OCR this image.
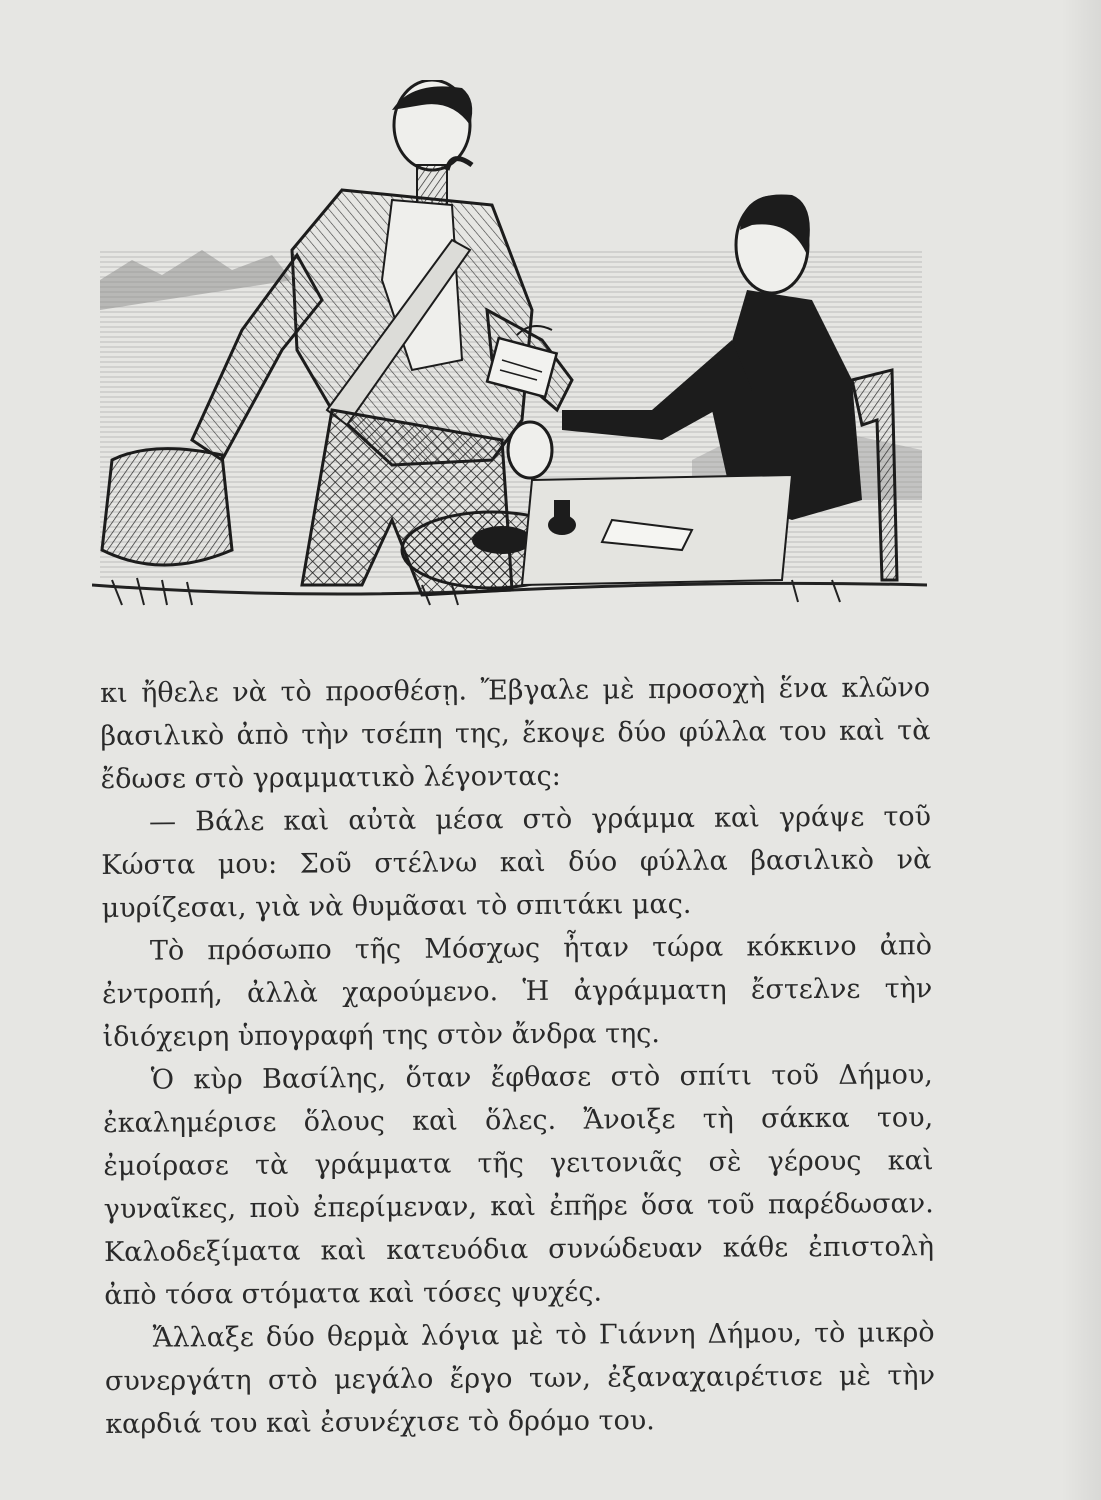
κι ἤθελε νὰ τὸ προσθέσῃ. Ἔβγαλε μὲ προσοχὴ ἕνα κλῶνο βασιλικὸ ἀπὸ τὴν τσέπη της, ἔκοψε δύο φύλλα του καὶ τὰ ἔδωσε στὸ γραμματικὸ λέγοντας:

— Βάλε καὶ αὐτὰ μέσα στὸ γράμμα καὶ γράψε τοῦ Κώστα μου: Σοῦ στέλνω καὶ δύο φύλλα βασιλικὸ νὰ μυρίζεσαι, γιὰ νὰ θυμᾶσαι τὸ σπιτάκι μας.

Τὸ πρόσωπο τῆς Μόσχως ἦταν τώρα κόκκινο ἀπὸ ἐντροπή, ἀλλὰ χαρούμενο. Ἡ ἀγράμματη ἔστελνε τὴν ἰδιόχειρη ὑπογραφή της στὸν ἄνδρα της.

Ὁ κὺρ Βασίλης, ὅταν ἔφθασε στὸ σπίτι τοῦ Δήμου, ἐκαλημέρισε ὅλους καὶ ὅλες. Ἄνοιξε τὴ σάκκα του, ἐμοίρασε τὰ γράμματα τῆς γειτονιᾶς σὲ γέρους καὶ γυναῖκες, ποὺ ἐπερίμεναν, καὶ ἐπῆρε ὅσα τοῦ παρέδωσαν. Καλοδεξίματα καὶ κατευόδια συνώδευαν κάθε ἐπιστολὴ ἀπὸ τόσα στόματα καὶ τόσες ψυχές.

Ἄλλαξε δύο θερμὰ λόγια μὲ τὸ Γιάννη Δήμου, τὸ μικρὸ συνεργάτη στὸ μεγάλο ἔργο των, ἐξαναχαιρέτισε μὲ τὴν καρδιά του καὶ ἐσυνέχισε τὸ δρόμο του.
